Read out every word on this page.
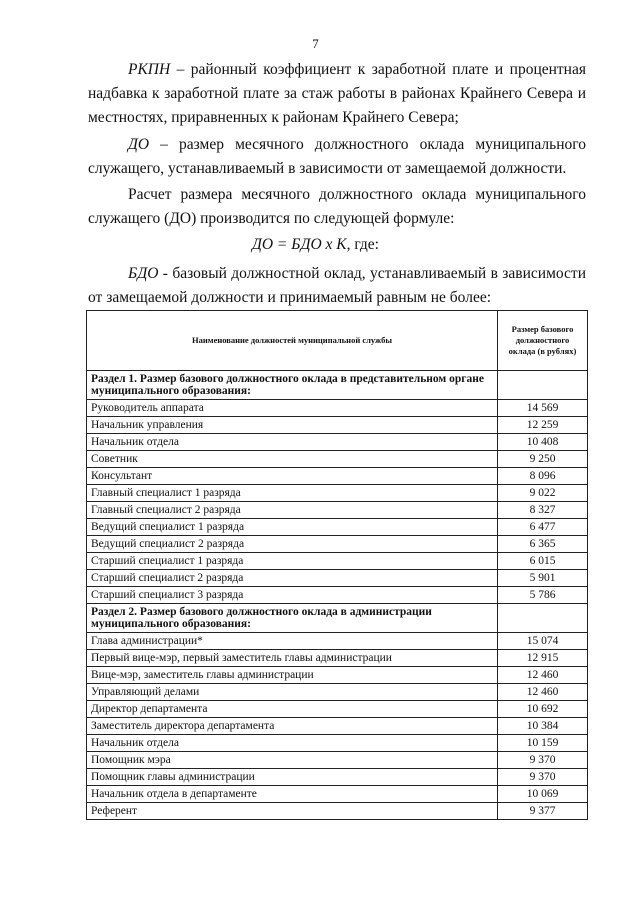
7

РКПН – районный коэффициент к заработной плате и процентная надбавка к заработной плате за стаж работы в районах Крайнего Севера и местностях, приравненных к районам Крайнего Севера;

ДО – размер месячного должностного оклада муниципального служащего, устанавливаемый в зависимости от замещаемой должности.

Расчет размера месячного должностного оклада муниципального служащего (ДО) производится по следующей формуле:

ДО = БДО х К, где:

БДО - базовый должностной оклад, устанавливаемый в зависимости от замещаемой должности и принимаемый равным не более:

Наименование должностей муниципальной службы	Размер базового должностного оклада (в рублях)
Раздел 1. Размер базового должностного оклада в представительном органе муниципального образования:	
Руководитель аппарата	14 569
Начальник управления	12 259
Начальник отдела	10 408
Советник	9 250
Консультант	8 096
Главный специалист 1 разряда	9 022
Главный специалист 2 разряда	8 327
Ведущий специалист 1 разряда	6 477
Ведущий специалист 2 разряда	6 365
Старший специалист 1 разряда	6 015
Старший специалист 2 разряда	5 901
Старший специалист 3 разряда	5 786
Раздел 2. Размер базового должностного оклада в администрации муниципального образования:	
Глава администрации*	15 074
Первый вице-мэр, первый заместитель главы администрации	12 915
Вице-мэр, заместитель главы администрации	12 460
Управляющий делами	12 460
Директор департамента	10 692
Заместитель директора департамента	10 384
Начальник отдела	10 159
Помощник мэра	9 370
Помощник главы администрации	9 370
Начальник отдела в департаменте	10 069
Референт	9 377
